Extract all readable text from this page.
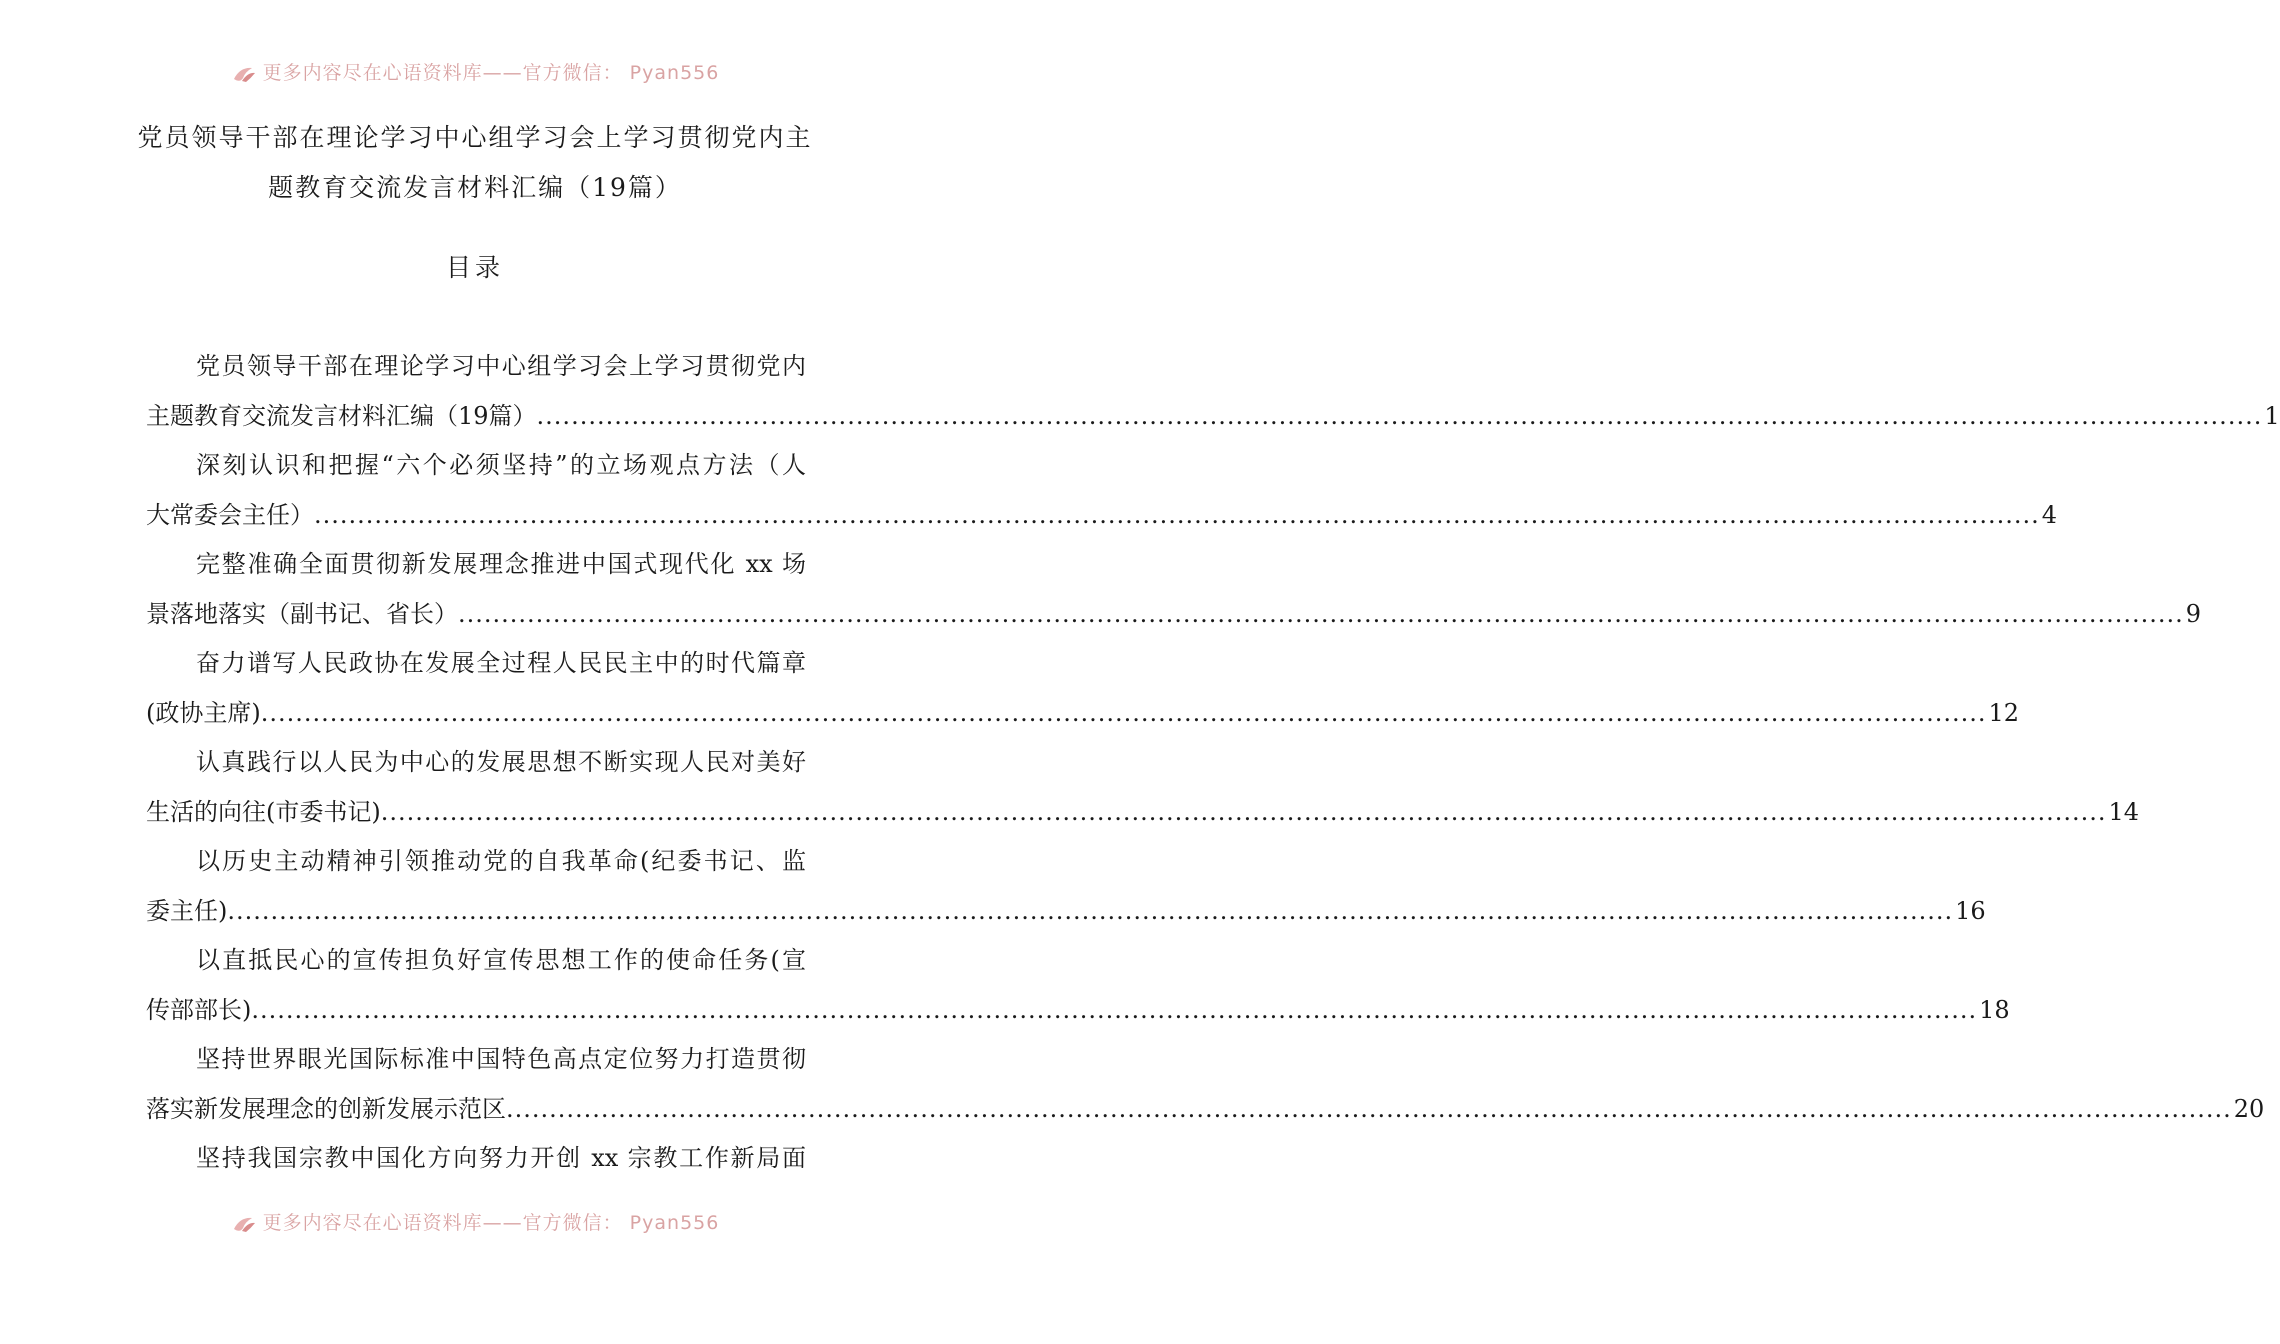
更多内容尽在心语资料库——官方微信： Pyan556
党员领导干部在理论学习中心组学习会上学习贯彻党内主
题教育交流发言材料汇编（19篇）
目录
党员领导干部在理论学习中心组学习会上学习贯彻党内
主题教育交流发言材料汇编（19篇） ........................................................................................................................................................................................................ 1
深刻认识和把握“六个必须坚持”的立场观点方法（人
大常委会主任） ........................................................................................................................................................................................................ 4
完整准确全面贯彻新发展理念推进中国式现代化 xx 场
景落地落实（副书记、省长） ........................................................................................................................................................................................................ 9
奋力谱写人民政协在发展全过程人民民主中的时代篇章
(政协主席) ........................................................................................................................................................................................................ 12
认真践行以人民为中心的发展思想不断实现人民对美好
生活的向往(市委书记) ........................................................................................................................................................................................................ 14
以历史主动精神引领推动党的自我革命(纪委书记、监
委主任) ........................................................................................................................................................................................................ 16
以直抵民心的宣传担负好宣传思想工作的使命任务(宣
传部部长) ........................................................................................................................................................................................................ 18
坚持世界眼光国际标准中国特色高点定位努力打造贯彻
落实新发展理念的创新发展示范区 ........................................................................................................................................................................................................ 20
坚持我国宗教中国化方向努力开创 xx 宗教工作新局面
更多内容尽在心语资料库——官方微信： Pyan556
